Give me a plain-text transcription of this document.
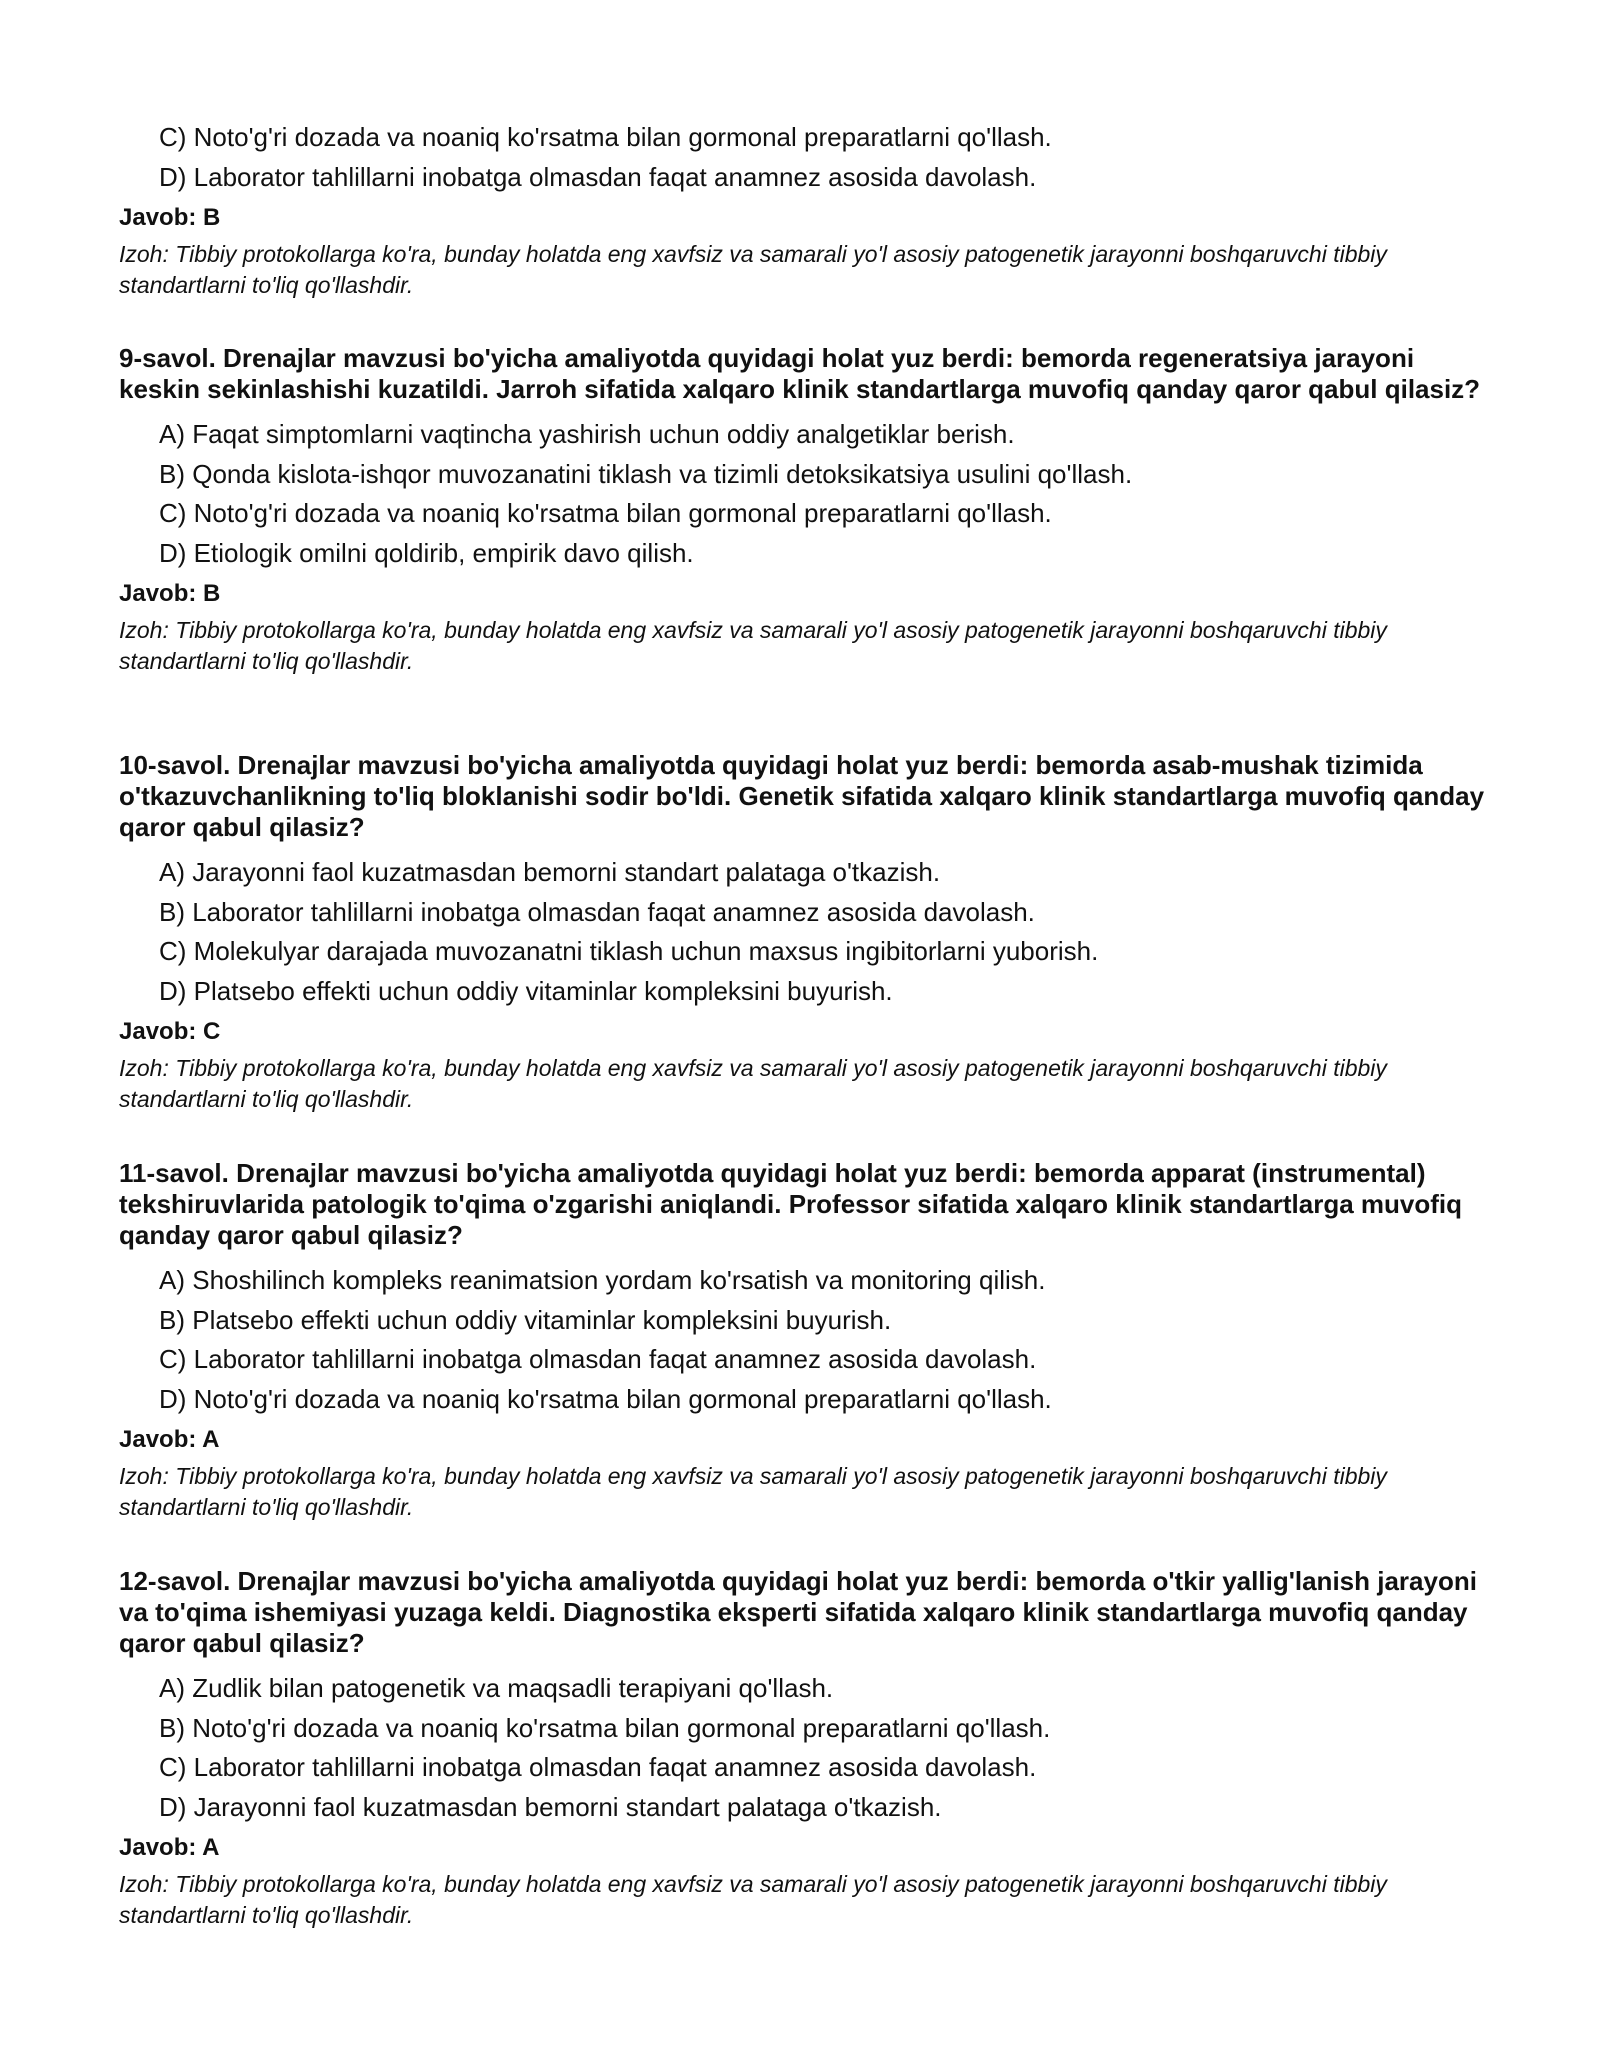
C) Noto'g'ri dozada va noaniq ko'rsatma bilan gormonal preparatlarni qo'llash.
D) Laborator tahlillarni inobatga olmasdan faqat anamnez asosida davolash.
Javob: B
Izoh: Tibbiy protokollarga ko'ra, bunday holatda eng xavfsiz va samarali yo'l asosiy patogenetik jarayonni boshqaruvchi tibbiy standartlarni to'liq qo'llashdir.
9-savol. Drenajlar mavzusi bo'yicha amaliyotda quyidagi holat yuz berdi: bemorda regeneratsiya jarayoni keskin sekinlashishi kuzatildi. Jarroh sifatida xalqaro klinik standartlarga muvofiq qanday qaror qabul qilasiz?
A) Faqat simptomlarni vaqtincha yashirish uchun oddiy analgetiklar berish.
B) Qonda kislota-ishqor muvozanatini tiklash va tizimli detoksikatsiya usulini qo'llash.
C) Noto'g'ri dozada va noaniq ko'rsatma bilan gormonal preparatlarni qo'llash.
D) Etiologik omilni qoldirib, empirik davo qilish.
Javob: B
Izoh: Tibbiy protokollarga ko'ra, bunday holatda eng xavfsiz va samarali yo'l asosiy patogenetik jarayonni boshqaruvchi tibbiy standartlarni to'liq qo'llashdir.
10-savol. Drenajlar mavzusi bo'yicha amaliyotda quyidagi holat yuz berdi: bemorda asab-mushak tizimida o'tkazuvchanlikning to'liq bloklanishi sodir bo'ldi. Genetik sifatida xalqaro klinik standartlarga muvofiq qanday qaror qabul qilasiz?
A) Jarayonni faol kuzatmasdan bemorni standart palataga o'tkazish.
B) Laborator tahlillarni inobatga olmasdan faqat anamnez asosida davolash.
C) Molekulyar darajada muvozanatni tiklash uchun maxsus ingibitorlarni yuborish.
D) Platsebo effekti uchun oddiy vitaminlar kompleksini buyurish.
Javob: C
Izoh: Tibbiy protokollarga ko'ra, bunday holatda eng xavfsiz va samarali yo'l asosiy patogenetik jarayonni boshqaruvchi tibbiy standartlarni to'liq qo'llashdir.
11-savol. Drenajlar mavzusi bo'yicha amaliyotda quyidagi holat yuz berdi: bemorda apparat (instrumental) tekshiruvlarida patologik to'qima o'zgarishi aniqlandi. Professor sifatida xalqaro klinik standartlarga muvofiq qanday qaror qabul qilasiz?
A) Shoshilinch kompleks reanimatsion yordam ko'rsatish va monitoring qilish.
B) Platsebo effekti uchun oddiy vitaminlar kompleksini buyurish.
C) Laborator tahlillarni inobatga olmasdan faqat anamnez asosida davolash.
D) Noto'g'ri dozada va noaniq ko'rsatma bilan gormonal preparatlarni qo'llash.
Javob: A
Izoh: Tibbiy protokollarga ko'ra, bunday holatda eng xavfsiz va samarali yo'l asosiy patogenetik jarayonni boshqaruvchi tibbiy standartlarni to'liq qo'llashdir.
12-savol. Drenajlar mavzusi bo'yicha amaliyotda quyidagi holat yuz berdi: bemorda o'tkir yallig'lanish jarayoni va to'qima ishemiyasi yuzaga keldi. Diagnostika eksperti sifatida xalqaro klinik standartlarga muvofiq qanday qaror qabul qilasiz?
A) Zudlik bilan patogenetik va maqsadli terapiyani qo'llash.
B) Noto'g'ri dozada va noaniq ko'rsatma bilan gormonal preparatlarni qo'llash.
C) Laborator tahlillarni inobatga olmasdan faqat anamnez asosida davolash.
D) Jarayonni faol kuzatmasdan bemorni standart palataga o'tkazish.
Javob: A
Izoh: Tibbiy protokollarga ko'ra, bunday holatda eng xavfsiz va samarali yo'l asosiy patogenetik jarayonni boshqaruvchi tibbiy standartlarni to'liq qo'llashdir.
